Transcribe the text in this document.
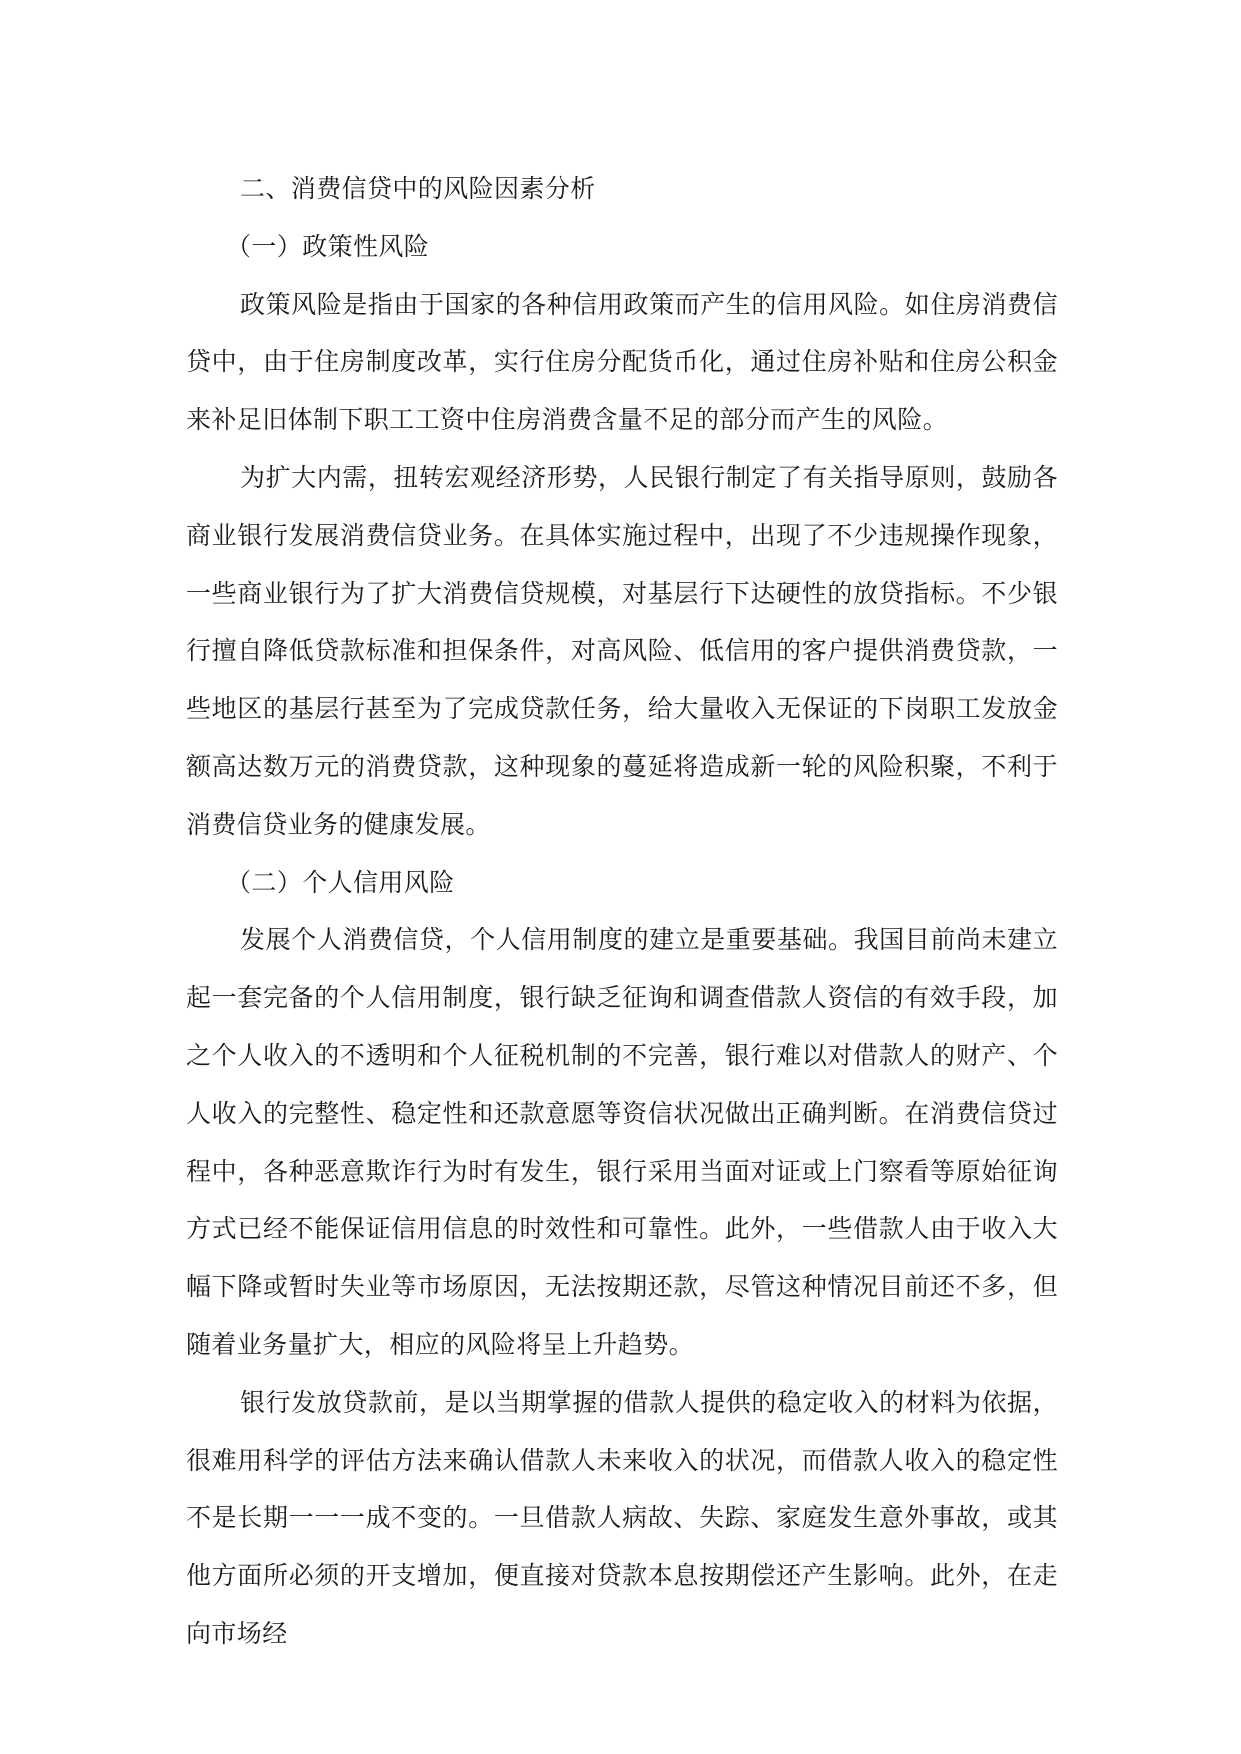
二、消费信贷中的风险因素分析

（一）政策性风险

政策风险是指由于国家的各种信用政策而产生的信用风险。如住房消费信贷中，由于住房制度改革，实行住房分配货币化，通过住房补贴和住房公积金来补足旧体制下职工工资中住房消费含量不足的部分而产生的风险。

为扩大内需，扭转宏观经济形势，人民银行制定了有关指导原则，鼓励各商业银行发展消费信贷业务。在具体实施过程中，出现了不少违规操作现象，一些商业银行为了扩大消费信贷规模，对基层行下达硬性的放贷指标。不少银行擅自降低贷款标准和担保条件，对高风险、低信用的客户提供消费贷款，一些地区的基层行甚至为了完成贷款任务，给大量收入无保证的下岗职工发放金额高达数万元的消费贷款，这种现象的蔓延将造成新一轮的风险积聚，不利于消费信贷业务的健康发展。

（二）个人信用风险

发展个人消费信贷，个人信用制度的建立是重要基础。我国目前尚未建立起一套完备的个人信用制度，银行缺乏征询和调查借款人资信的有效手段，加之个人收入的不透明和个人征税机制的不完善，银行难以对借款人的财产、个人收入的完整性、稳定性和还款意愿等资信状况做出正确判断。在消费信贷过程中，各种恶意欺诈行为时有发生，银行采用当面对证或上门察看等原始征询方式已经不能保证信用信息的时效性和可靠性。此外，一些借款人由于收入大幅下降或暂时失业等市场原因，无法按期还款，尽管这种情况目前还不多，但随着业务量扩大，相应的风险将呈上升趋势。

银行发放贷款前，是以当期掌握的借款人提供的稳定收入的材料为依据，很难用科学的评估方法来确认借款人未来收入的状况，而借款人收入的稳定性不是长期一一一成不变的。一旦借款人病故、失踪、家庭发生意外事故，或其他方面所必须的开支增加，便直接对贷款本息按期偿还产生影响。此外，在走向市场经
